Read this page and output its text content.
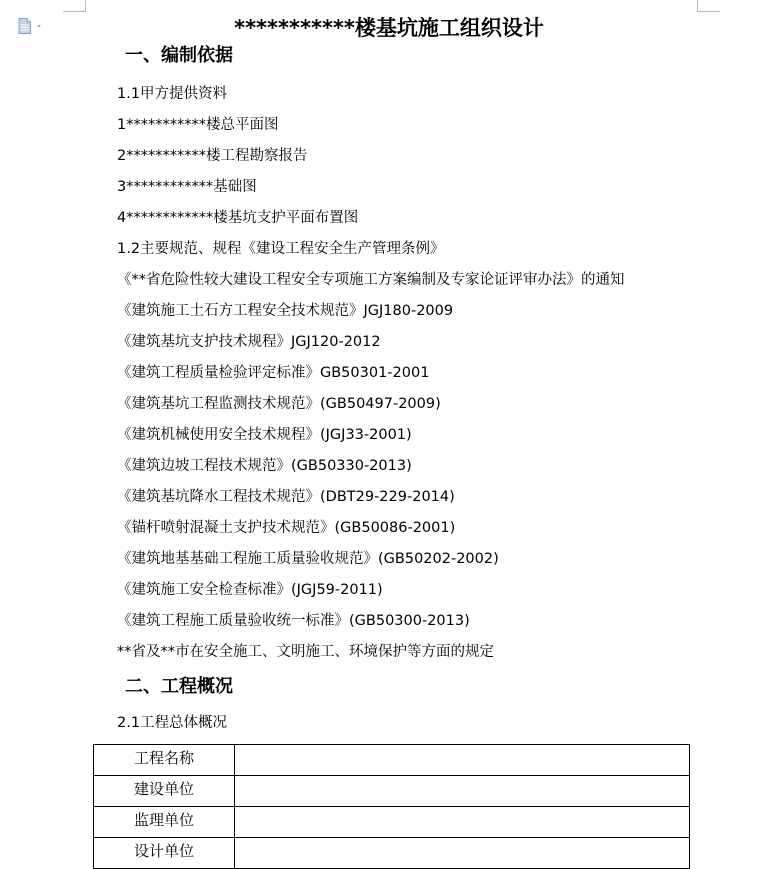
***********楼基坑施工组织设计
一、编制依据
1.1甲方提供资料
1***********楼总平面图
2***********楼工程勘察报告
3************基础图
4************楼基坑支护平面布置图
1.2主要规范、规程《建设工程安全生产管理条例》
《**省危险性较大建设工程安全专项施工方案编制及专家论证评审办法》的通知
《建筑施工土石方工程安全技术规范》JGJ180-2009
《建筑基坑支护技术规程》JGJ120-2012
《建筑工程质量检验评定标准》GB50301-2001
《建筑基坑工程监测技术规范》(GB50497-2009)
《建筑机械使用安全技术规程》(JGJ33-2001)
《建筑边坡工程技术规范》(GB50330-2013)
《建筑基坑降水工程技术规范》(DBT29-229-2014)
《锚杆喷射混凝土支护技术规范》(GB50086-2001)
《建筑地基基础工程施工质量验收规范》(GB50202-2002)
《建筑施工安全检查标准》(JGJ59-2011)
《建筑工程施工质量验收统一标准》(GB50300-2013)
**省及**市在安全施工、文明施工、环境保护等方面的规定
二、工程概况
2.1工程总体概况
工程名称	
建设单位	
监理单位	
设计单位	
